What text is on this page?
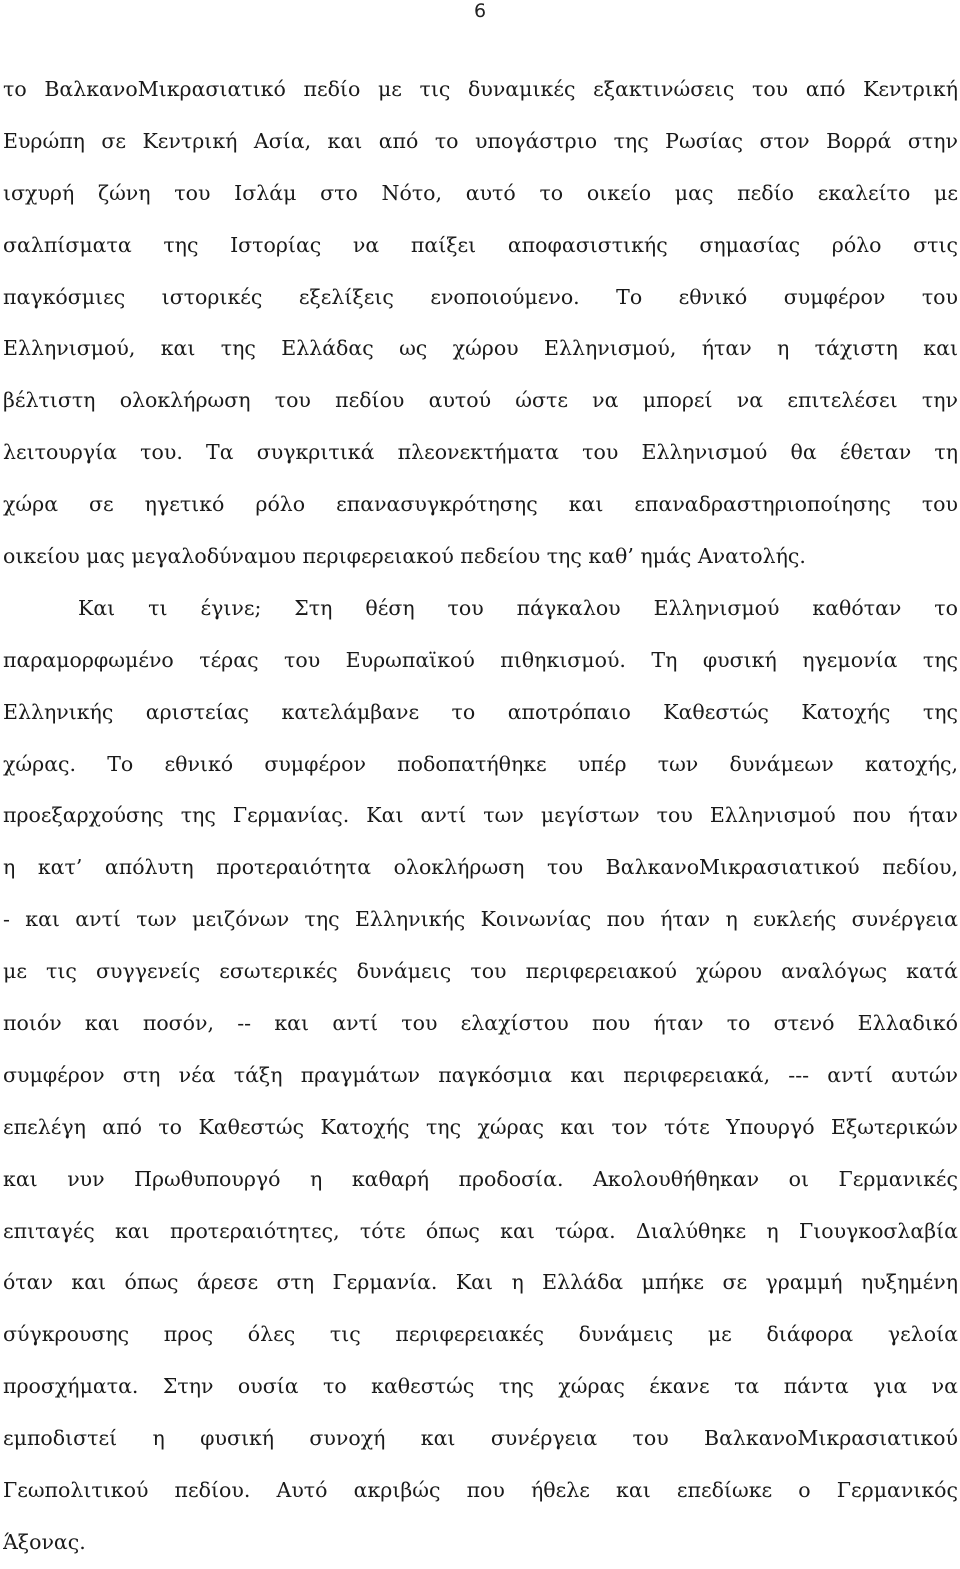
6
το ΒαλκανοΜικρασιατικό πεδίο με τις δυναμικές εξακτινώσεις του από Κεντρική
Ευρώπη σε Κεντρική Ασία, και από το υπογάστριο της Ρωσίας στον Βορρά στην
ισχυρή ζώνη του Ισλάμ στο Νότο, αυτό το οικείο μας πεδίο εκαλείτο με
σαλπίσματα της Ιστορίας να παίξει αποφασιστικής σημασίας ρόλο στις
παγκόσμιες ιστορικές εξελίξεις ενοποιούμενο. Το εθνικό συμφέρον του
Ελληνισμού, και της Ελλάδας ως χώρου Ελληνισμού, ήταν η τάχιστη και
βέλτιστη ολοκλήρωση του πεδίου αυτού ώστε να μπορεί να επιτελέσει την
λειτουργία του. Τα συγκριτικά πλεονεκτήματα του Ελληνισμού θα έθεταν τη
χώρα σε ηγετικό ρόλο επανασυγκρότησης και επαναδραστηριοποίησης του
οικείου μας μεγαλοδύναμου περιφερειακού πεδείου της καθ’ ημάς Ανατολής.
Και τι έγινε; Στη θέση του πάγκαλου Ελληνισμού καθόταν το
παραμορφωμένο τέρας του Ευρωπαϊκού πιθηκισμού. Τη φυσική ηγεμονία της
Ελληνικής αριστείας κατελάμβανε το αποτρόπαιο Καθεστώς Κατοχής της
χώρας. Το εθνικό συμφέρον ποδοπατήθηκε υπέρ των δυνάμεων κατοχής,
προεξαρχούσης της Γερμανίας. Και αντί των μεγίστων του Ελληνισμού που ήταν
η κατ’ απόλυτη προτεραιότητα ολοκλήρωση του ΒαλκανοΜικρασιατικού πεδίου,
- και αντί των μειζόνων της Ελληνικής Κοινωνίας που ήταν η ευκλεής συνέργεια
με τις συγγενείς εσωτερικές δυνάμεις του περιφερειακού χώρου αναλόγως κατά
ποιόν και ποσόν, -- και αντί του ελαχίστου που ήταν το στενό Ελλαδικό
συμφέρον στη νέα τάξη πραγμάτων παγκόσμια και περιφερειακά, --- αντί αυτών
επελέγη από το Καθεστώς Κατοχής της χώρας και τον τότε Υπουργό Εξωτερικών
και νυν Πρωθυπουργό η καθαρή προδοσία. Ακολουθήθηκαν οι Γερμανικές
επιταγές και προτεραιότητες, τότε όπως και τώρα. Διαλύθηκε η Γιουγκοσλαβία
όταν και όπως άρεσε στη Γερμανία. Και η Ελλάδα μπήκε σε γραμμή ηυξημένη
σύγκρουσης προς όλες τις περιφερειακές δυνάμεις με διάφορα γελοία
προσχήματα. Στην ουσία το καθεστώς της χώρας έκανε τα πάντα για να
εμποδιστεί η φυσική συνοχή και συνέργεια του ΒαλκανοΜικρασιατικού
Γεωπολιτικού πεδίου. Αυτό ακριβώς που ήθελε και επεδίωκε ο Γερμανικός
Άξονας.
